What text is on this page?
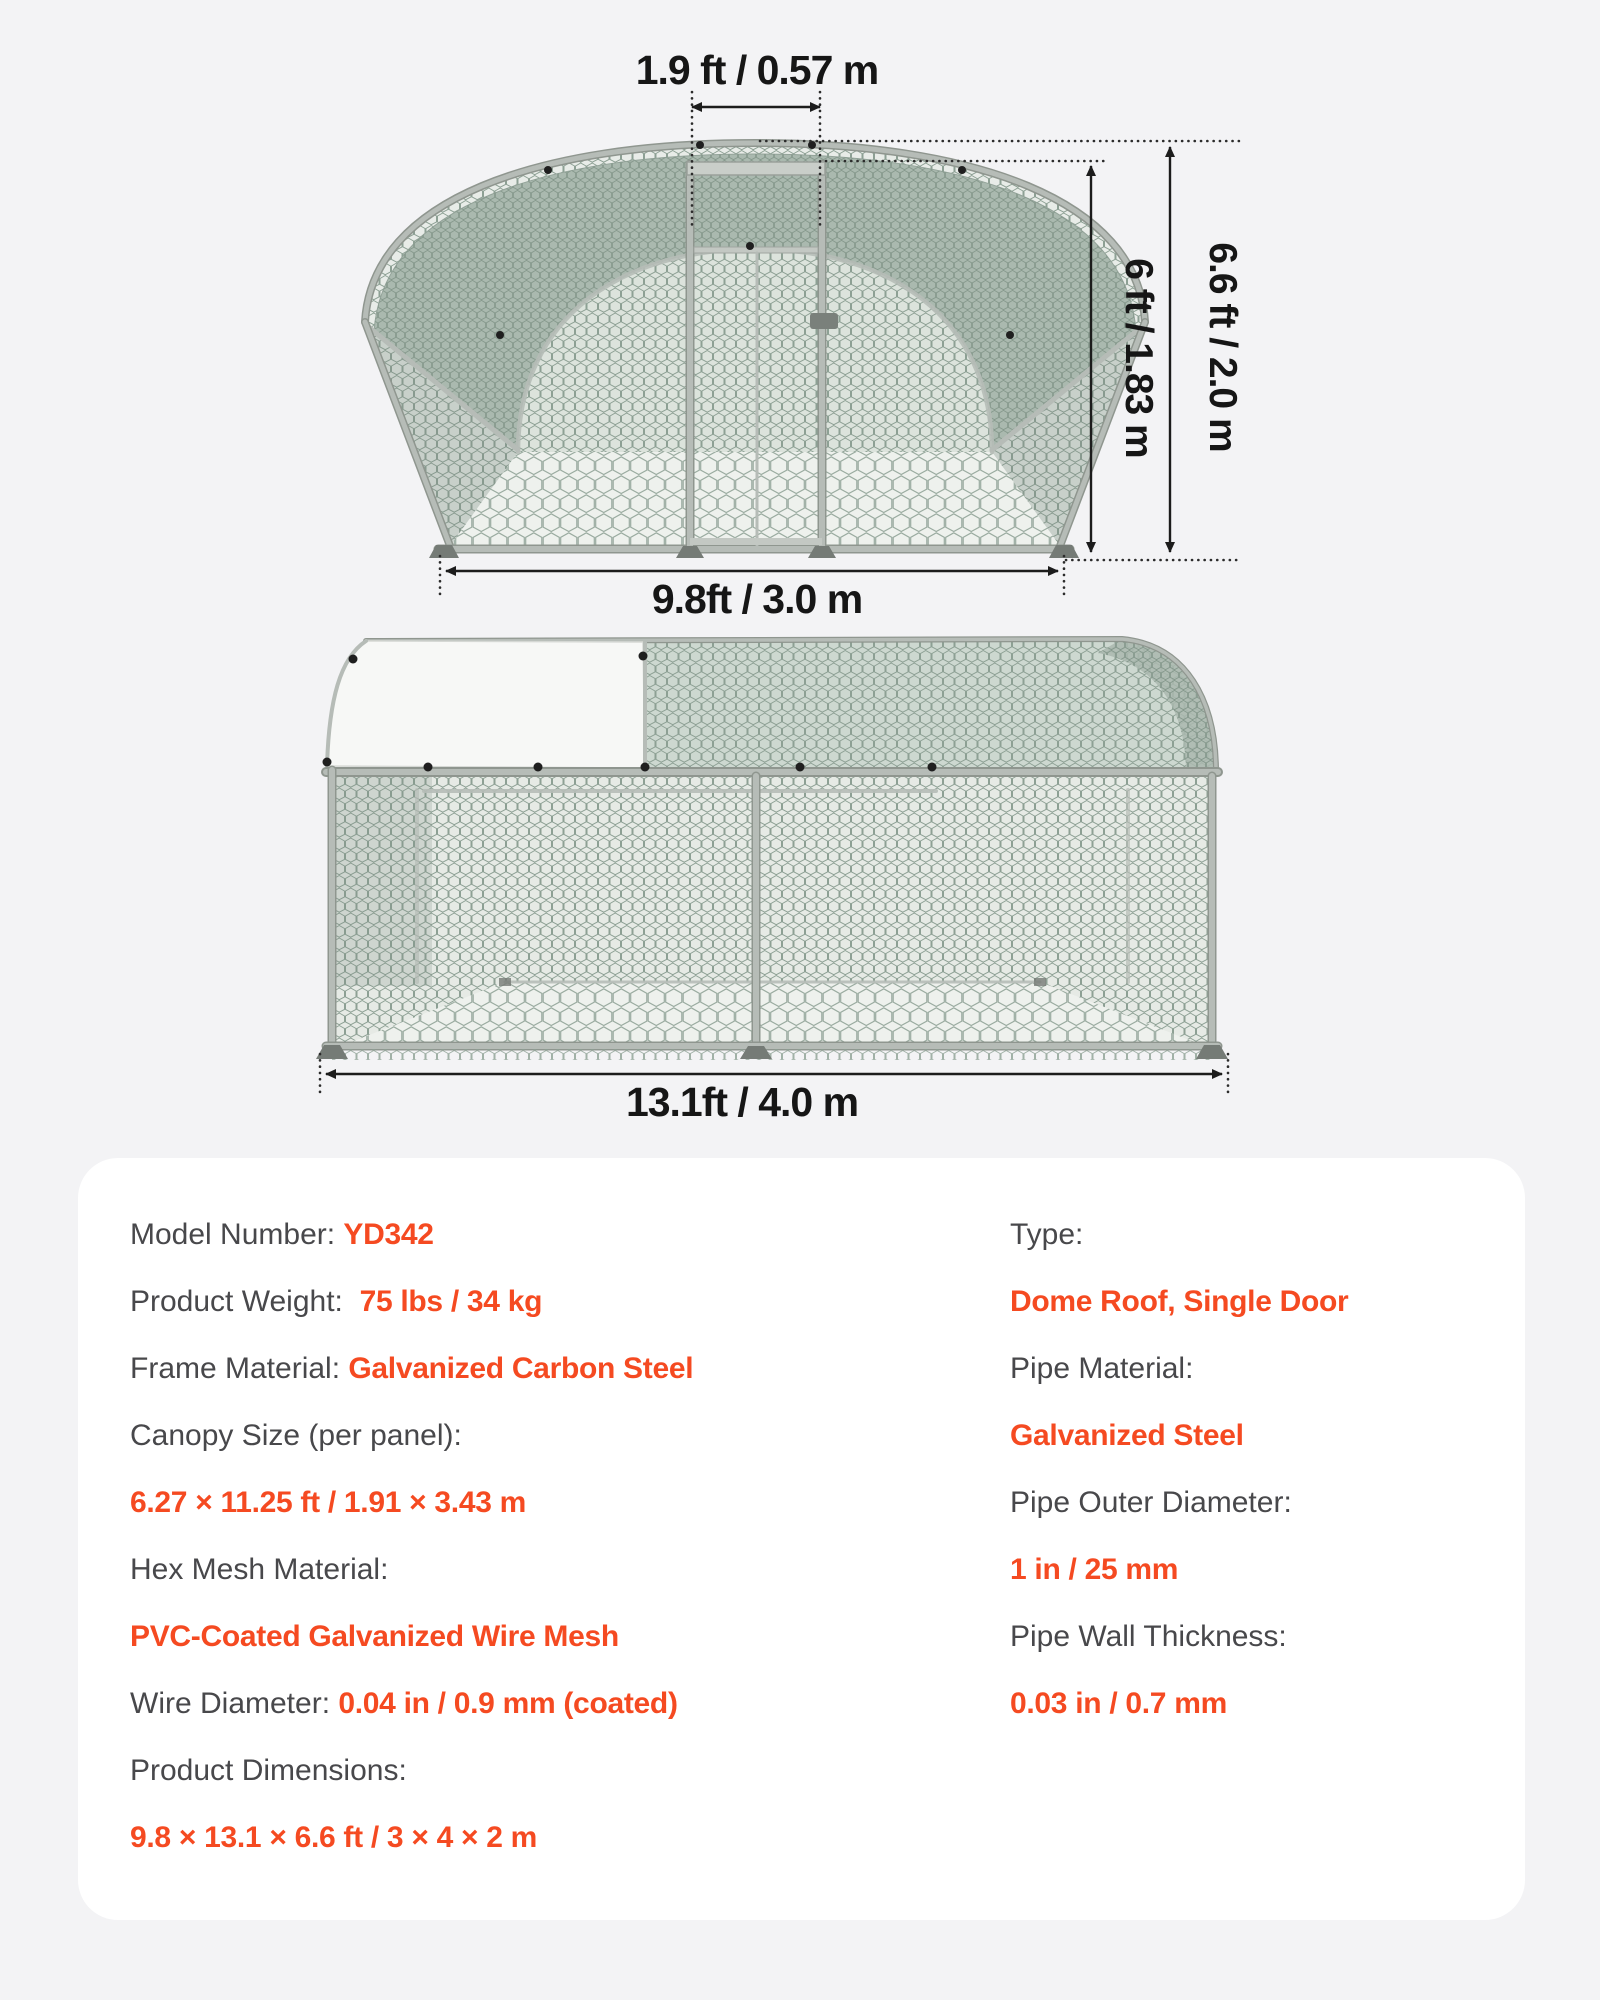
1.9 ft / 0.57 m
6 ft / 1.83 m 6.6 ft / 2.0 m
9.8ft / 3.0 m
13.1ft / 4.0 m
Model Number: YD342
Product Weight:  75 lbs / 34 kg
Frame Material: Galvanized Carbon Steel
Canopy Size (per panel):
6.27 × 11.25 ft / 1.91 × 3.43 m
Hex Mesh Material:
PVC-Coated Galvanized Wire Mesh
Wire Diameter: 0.04 in / 0.9 mm (coated)
Product Dimensions:
9.8 × 13.1 × 6.6 ft / 3 × 4 × 2 m
Type:
Dome Roof, Single Door
Pipe Material:
Galvanized Steel
Pipe Outer Diameter:
1 in / 25 mm
Pipe Wall Thickness:
0.03 in / 0.7 mm
